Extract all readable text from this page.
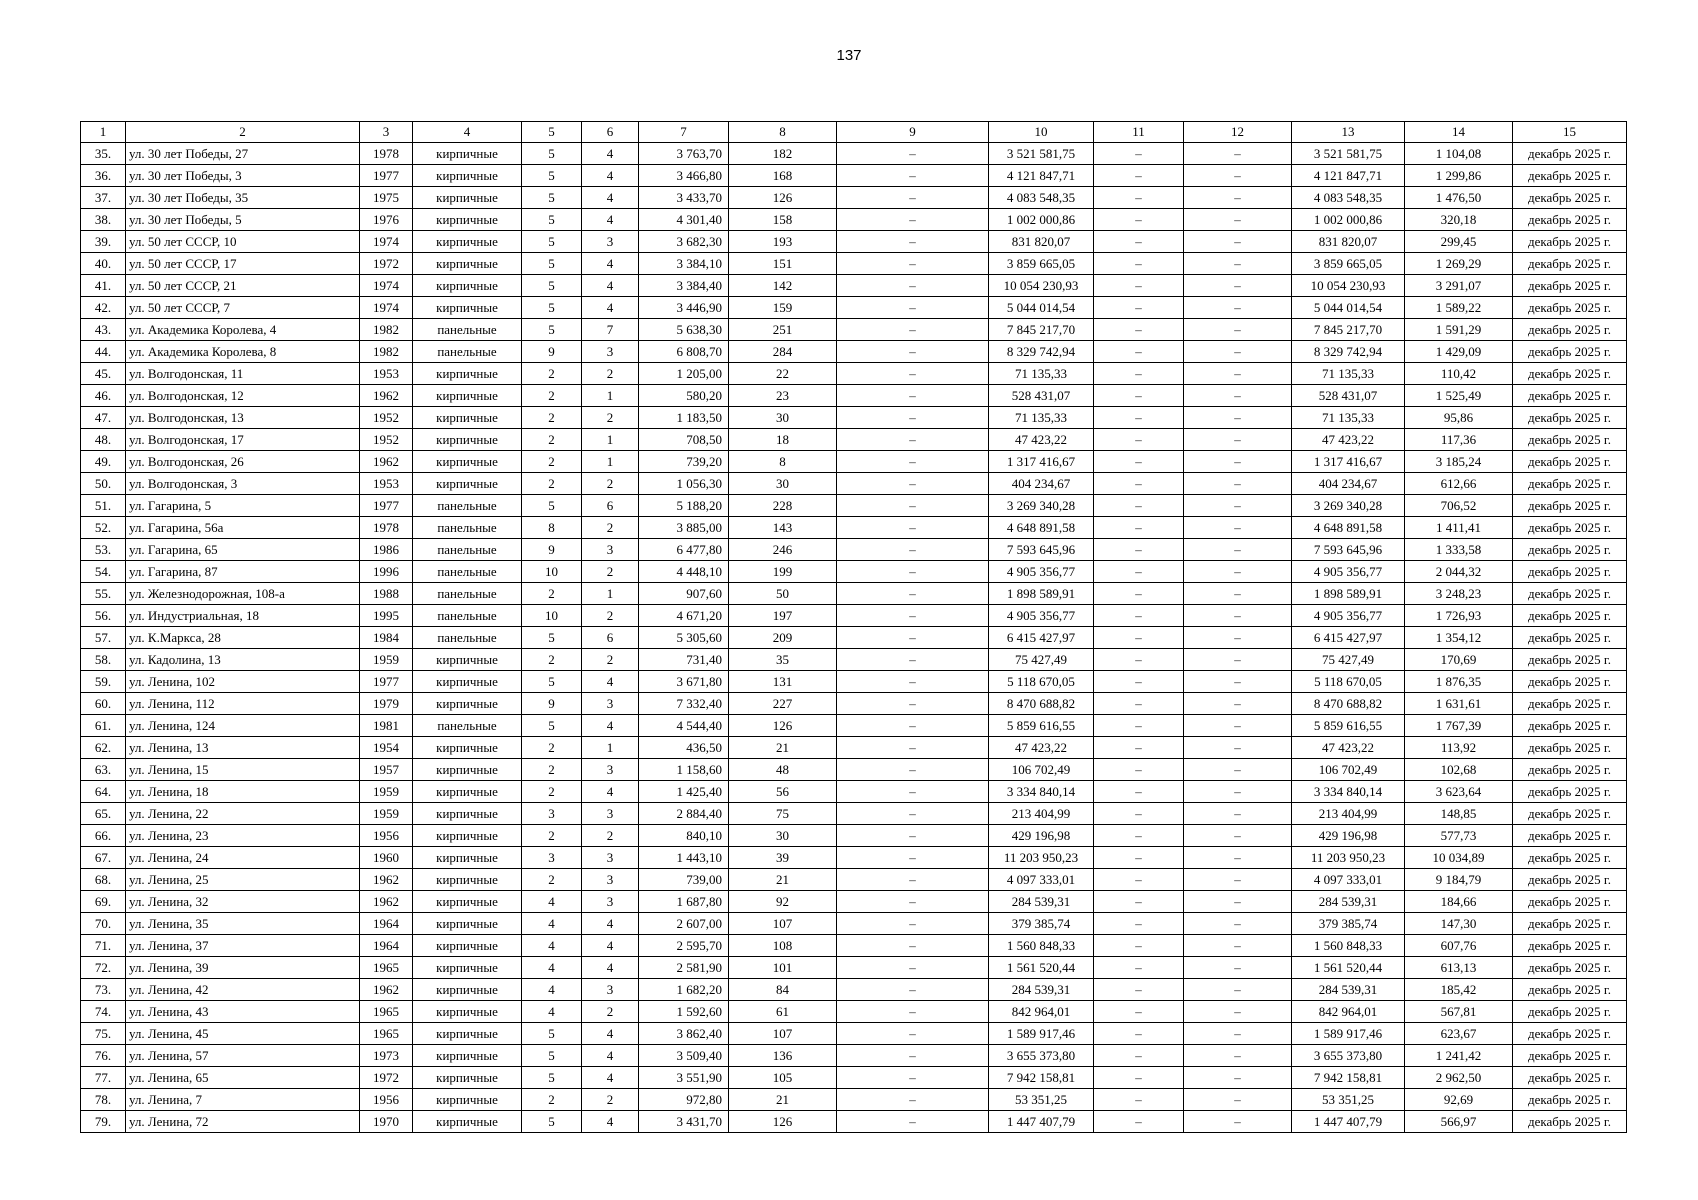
137
1	2	3	4	5	6	7	8	9	10	11	12	13	14	15
35.	ул. 30 лет Победы, 27	1978	кирпичные	5	4	3 763,70	182	–	3 521 581,75	–	–	3 521 581,75	1 104,08	декабрь 2025 г.
36.	ул. 30 лет Победы, 3	1977	кирпичные	5	4	3 466,80	168	–	4 121 847,71	–	–	4 121 847,71	1 299,86	декабрь 2025 г.
37.	ул. 30 лет Победы, 35	1975	кирпичные	5	4	3 433,70	126	–	4 083 548,35	–	–	4 083 548,35	1 476,50	декабрь 2025 г.
38.	ул. 30 лет Победы, 5	1976	кирпичные	5	4	4 301,40	158	–	1 002 000,86	–	–	1 002 000,86	320,18	декабрь 2025 г.
39.	ул. 50 лет СССР, 10	1974	кирпичные	5	3	3 682,30	193	–	831 820,07	–	–	831 820,07	299,45	декабрь 2025 г.
40.	ул. 50 лет СССР, 17	1972	кирпичные	5	4	3 384,10	151	–	3 859 665,05	–	–	3 859 665,05	1 269,29	декабрь 2025 г.
41.	ул. 50 лет СССР, 21	1974	кирпичные	5	4	3 384,40	142	–	10 054 230,93	–	–	10 054 230,93	3 291,07	декабрь 2025 г.
42.	ул. 50 лет СССР, 7	1974	кирпичные	5	4	3 446,90	159	–	5 044 014,54	–	–	5 044 014,54	1 589,22	декабрь 2025 г.
43.	ул. Академика Королева, 4	1982	панельные	5	7	5 638,30	251	–	7 845 217,70	–	–	7 845 217,70	1 591,29	декабрь 2025 г.
44.	ул. Академика Королева, 8	1982	панельные	9	3	6 808,70	284	–	8 329 742,94	–	–	8 329 742,94	1 429,09	декабрь 2025 г.
45.	ул. Волгодонская, 11	1953	кирпичные	2	2	1 205,00	22	–	71 135,33	–	–	71 135,33	110,42	декабрь 2025 г.
46.	ул. Волгодонская, 12	1962	кирпичные	2	1	580,20	23	–	528 431,07	–	–	528 431,07	1 525,49	декабрь 2025 г.
47.	ул. Волгодонская, 13	1952	кирпичные	2	2	1 183,50	30	–	71 135,33	–	–	71 135,33	95,86	декабрь 2025 г.
48.	ул. Волгодонская, 17	1952	кирпичные	2	1	708,50	18	–	47 423,22	–	–	47 423,22	117,36	декабрь 2025 г.
49.	ул. Волгодонская, 26	1962	кирпичные	2	1	739,20	8	–	1 317 416,67	–	–	1 317 416,67	3 185,24	декабрь 2025 г.
50.	ул. Волгодонская, 3	1953	кирпичные	2	2	1 056,30	30	–	404 234,67	–	–	404 234,67	612,66	декабрь 2025 г.
51.	ул. Гагарина, 5	1977	панельные	5	6	5 188,20	228	–	3 269 340,28	–	–	3 269 340,28	706,52	декабрь 2025 г.
52.	ул. Гагарина, 56а	1978	панельные	8	2	3 885,00	143	–	4 648 891,58	–	–	4 648 891,58	1 411,41	декабрь 2025 г.
53.	ул. Гагарина, 65	1986	панельные	9	3	6 477,80	246	–	7 593 645,96	–	–	7 593 645,96	1 333,58	декабрь 2025 г.
54.	ул. Гагарина, 87	1996	панельные	10	2	4 448,10	199	–	4 905 356,77	–	–	4 905 356,77	2 044,32	декабрь 2025 г.
55.	ул. Железнодорожная, 108-а	1988	панельные	2	1	907,60	50	–	1 898 589,91	–	–	1 898 589,91	3 248,23	декабрь 2025 г.
56.	ул. Индустриальная, 18	1995	панельные	10	2	4 671,20	197	–	4 905 356,77	–	–	4 905 356,77	1 726,93	декабрь 2025 г.
57.	ул. К.Маркса, 28	1984	панельные	5	6	5 305,60	209	–	6 415 427,97	–	–	6 415 427,97	1 354,12	декабрь 2025 г.
58.	ул. Кадолина, 13	1959	кирпичные	2	2	731,40	35	–	75 427,49	–	–	75 427,49	170,69	декабрь 2025 г.
59.	ул. Ленина, 102	1977	кирпичные	5	4	3 671,80	131	–	5 118 670,05	–	–	5 118 670,05	1 876,35	декабрь 2025 г.
60.	ул. Ленина, 112	1979	кирпичные	9	3	7 332,40	227	–	8 470 688,82	–	–	8 470 688,82	1 631,61	декабрь 2025 г.
61.	ул. Ленина, 124	1981	панельные	5	4	4 544,40	126	–	5 859 616,55	–	–	5 859 616,55	1 767,39	декабрь 2025 г.
62.	ул. Ленина, 13	1954	кирпичные	2	1	436,50	21	–	47 423,22	–	–	47 423,22	113,92	декабрь 2025 г.
63.	ул. Ленина, 15	1957	кирпичные	2	3	1 158,60	48	–	106 702,49	–	–	106 702,49	102,68	декабрь 2025 г.
64.	ул. Ленина, 18	1959	кирпичные	2	4	1 425,40	56	–	3 334 840,14	–	–	3 334 840,14	3 623,64	декабрь 2025 г.
65.	ул. Ленина, 22	1959	кирпичные	3	3	2 884,40	75	–	213 404,99	–	–	213 404,99	148,85	декабрь 2025 г.
66.	ул. Ленина, 23	1956	кирпичные	2	2	840,10	30	–	429 196,98	–	–	429 196,98	577,73	декабрь 2025 г.
67.	ул. Ленина, 24	1960	кирпичные	3	3	1 443,10	39	–	11 203 950,23	–	–	11 203 950,23	10 034,89	декабрь 2025 г.
68.	ул. Ленина, 25	1962	кирпичные	2	3	739,00	21	–	4 097 333,01	–	–	4 097 333,01	9 184,79	декабрь 2025 г.
69.	ул. Ленина, 32	1962	кирпичные	4	3	1 687,80	92	–	284 539,31	–	–	284 539,31	184,66	декабрь 2025 г.
70.	ул. Ленина, 35	1964	кирпичные	4	4	2 607,00	107	–	379 385,74	–	–	379 385,74	147,30	декабрь 2025 г.
71.	ул. Ленина, 37	1964	кирпичные	4	4	2 595,70	108	–	1 560 848,33	–	–	1 560 848,33	607,76	декабрь 2025 г.
72.	ул. Ленина, 39	1965	кирпичные	4	4	2 581,90	101	–	1 561 520,44	–	–	1 561 520,44	613,13	декабрь 2025 г.
73.	ул. Ленина, 42	1962	кирпичные	4	3	1 682,20	84	–	284 539,31	–	–	284 539,31	185,42	декабрь 2025 г.
74.	ул. Ленина, 43	1965	кирпичные	4	2	1 592,60	61	–	842 964,01	–	–	842 964,01	567,81	декабрь 2025 г.
75.	ул. Ленина, 45	1965	кирпичные	5	4	3 862,40	107	–	1 589 917,46	–	–	1 589 917,46	623,67	декабрь 2025 г.
76.	ул. Ленина, 57	1973	кирпичные	5	4	3 509,40	136	–	3 655 373,80	–	–	3 655 373,80	1 241,42	декабрь 2025 г.
77.	ул. Ленина, 65	1972	кирпичные	5	4	3 551,90	105	–	7 942 158,81	–	–	7 942 158,81	2 962,50	декабрь 2025 г.
78.	ул. Ленина, 7	1956	кирпичные	2	2	972,80	21	–	53 351,25	–	–	53 351,25	92,69	декабрь 2025 г.
79.	ул. Ленина, 72	1970	кирпичные	5	4	3 431,70	126	–	1 447 407,79	–	–	1 447 407,79	566,97	декабрь 2025 г.
